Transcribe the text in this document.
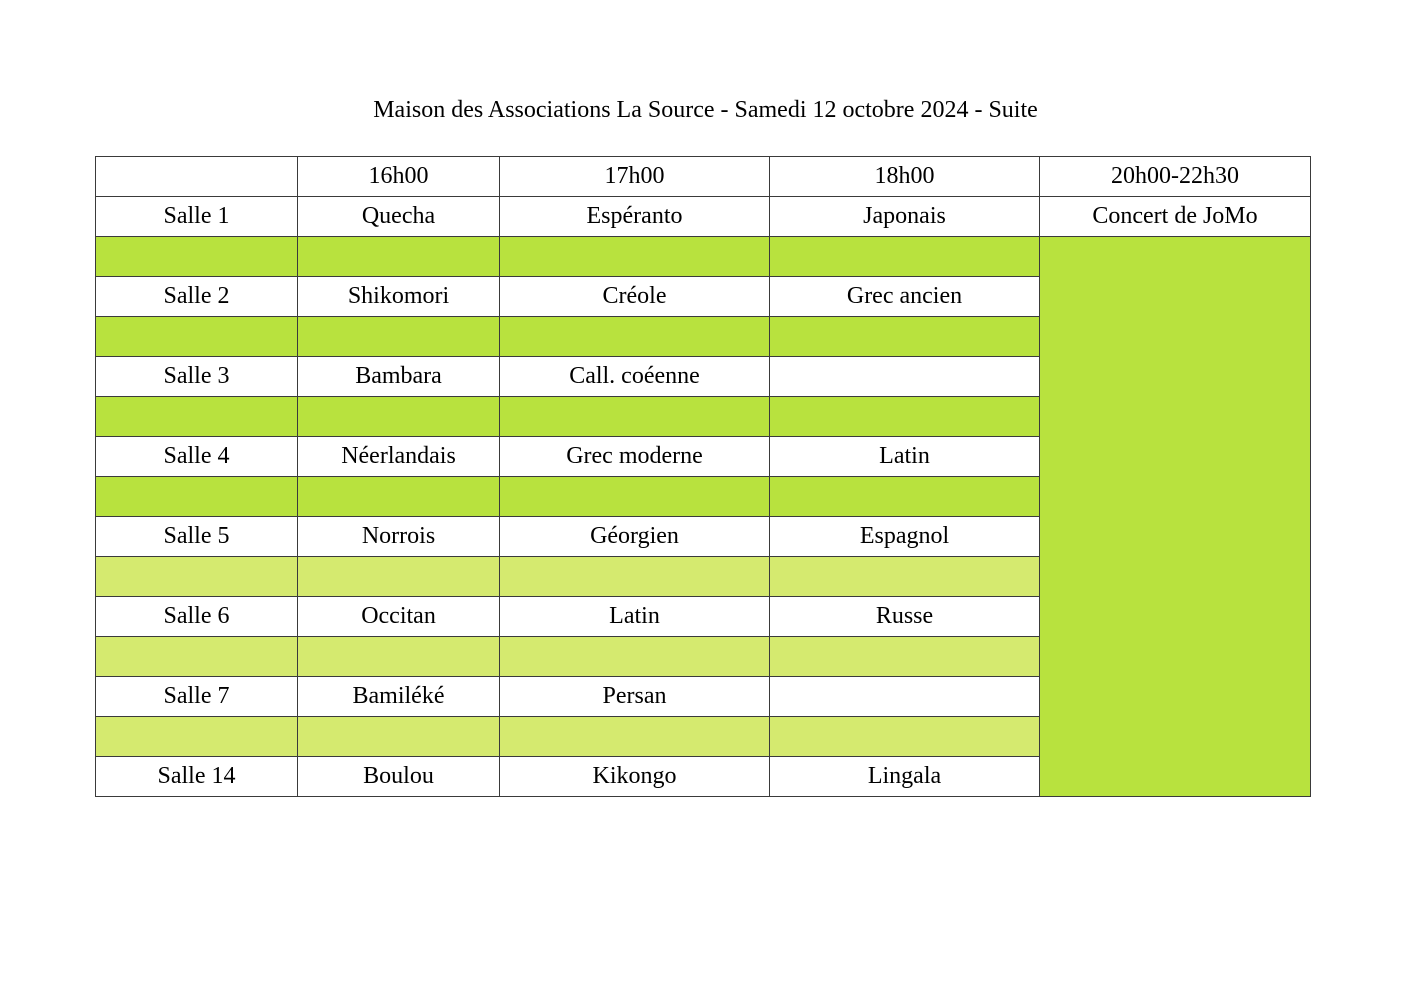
Maison des Associations La Source - Samedi 12 octobre 2024 - Suite
	16h00	17h00	18h00	20h00-22h30
Salle 1	Quecha	Espéranto	Japonais	Concert de JoMo

Salle 2	Shikomori	Créole	Grec ancien	

Salle 3	Bambara	Call. coéenne		

Salle 4	Néerlandais	Grec moderne	Latin	

Salle 5	Norrois	Géorgien	Espagnol	

Salle 6	Occitan	Latin	Russe	

Salle 7	Bamiléké	Persan		

Salle 14	Boulou	Kikongo	Lingala	
